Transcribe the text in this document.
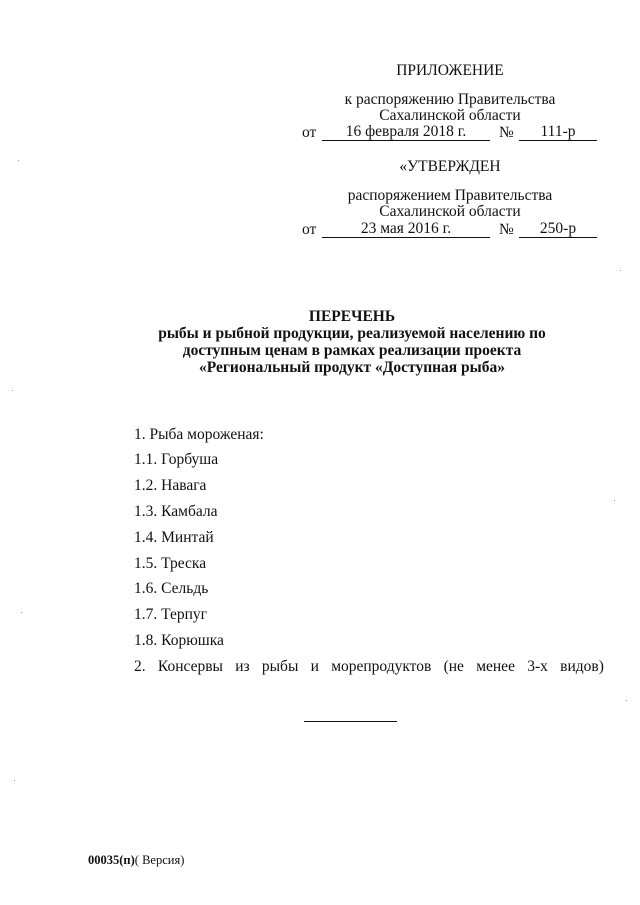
ПРИЛОЖЕНИЕ
к распоряжению Правительства
Сахалинской области
от	16 февраля 2018 г.	№	111-р
«УТВЕРЖДЕН
распоряжением Правительства
Сахалинской области
от	23 мая 2016 г.	№	250-р
ПЕРЕЧЕНЬ
рыбы и рыбной продукции, реализуемой населению по
доступным ценам в рамках реализации проекта
«Региональный продукт «Доступная рыба»
1. Рыба мороженая:
1.1. Горбуша
1.2. Навага
1.3. Камбала
1.4. Минтай
1.5. Треска
1.6. Сельдь
1.7. Терпуг
1.8. Корюшка
2. Консервы из рыбы и морепродуктов (не менее 3-х видов)
00035(п)( Версия)
